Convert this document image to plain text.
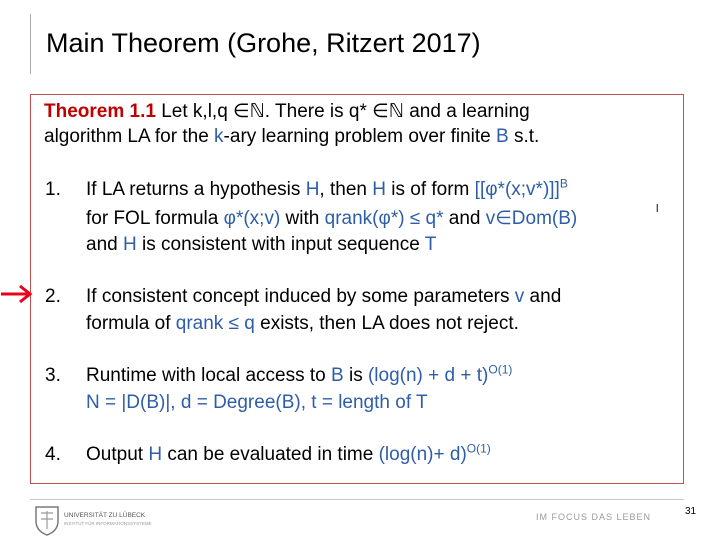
Main Theorem (Grohe, Ritzert 2017)
Theorem 1.1 Let k,l,q ∈ℕ. There is q* ∈ℕ and a learning
algorithm LA for the k-ary learning problem over finite B s.t.
1. If LA returns a hypothesis H, then H is of form [[φ*(x;v*)]]$^B$
for FOL formula φ*(x;v) with qrank(φ*) ≤ q* and v∈Dom(B)	l
and H is consistent with input sequence T
2. If consistent concept induced by some parameters v and
formula of qrank ≤ q exists, then LA does not reject.
3. Runtime with local access to B is $(\log(n) + d + t)^{O(1)}$
N = |D(B)|, d = Degree(B), t = length of T
4. Output H can be evaluated in time $(\log(n)+ d)^{O(1)}$
UNIVERSITÄT ZU LÜBECK
INSTITUT FÜR INFORMATIONSSYSTEME
IM FOCUS DAS LEBEN	31
